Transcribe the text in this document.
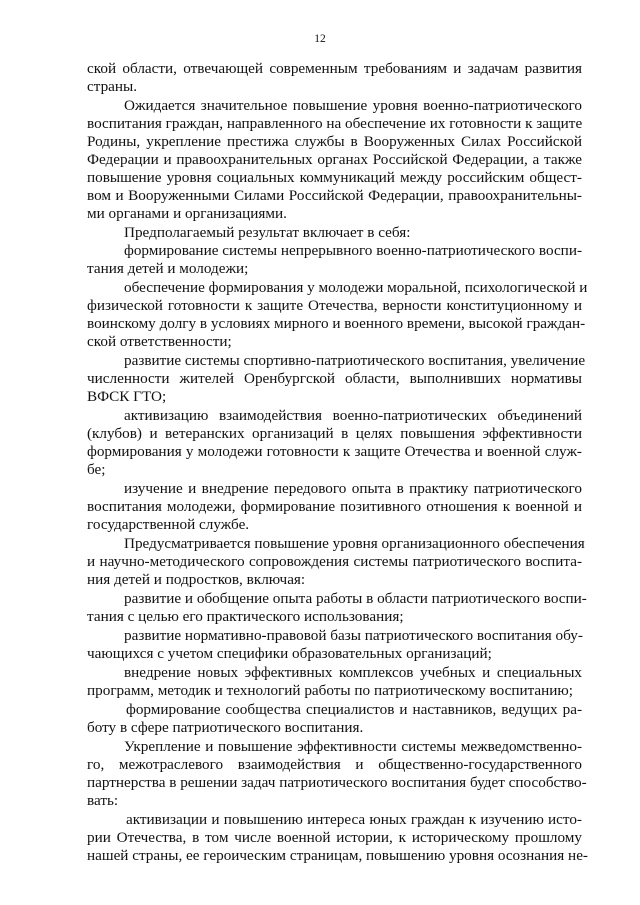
12
ской области, отвечающей современным требованиям и задачам развития
страны.
Ожидается значительное повышение уровня военно-патриотического
воспитания граждан, направленного на обеспечение их готовности к защите
Родины, укрепление престижа службы в Вооруженных Силах Российской
Федерации и правоохранительных органах Российской Федерации, а также
повышение уровня социальных коммуникаций между российским общест-
вом и Вооруженными Силами Российской Федерации, правоохранительны-
ми органами и организациями.
Предполагаемый результат включает в себя:
формирование системы непрерывного военно-патриотического воспи-
тания детей и молодежи;
обеспечение формирования у молодежи моральной, психологической и
физической готовности к защите Отечества, верности конституционному и
воинскому долгу в условиях мирного и военного времени, высокой граждан-
ской ответственности;
развитие системы спортивно-патриотического воспитания, увеличение
численности жителей Оренбургской области, выполнивших нормативы
ВФСК ГТО;
активизацию взаимодействия военно-патриотических объединений
(клубов) и ветеранских организаций в целях повышения эффективности
формирования у молодежи готовности к защите Отечества и военной служ-
бе;
изучение и внедрение передового опыта в практику патриотического
воспитания молодежи, формирование позитивного отношения к военной и
государственной службе.
Предусматривается повышение уровня организационного обеспечения
и научно-методического сопровождения системы патриотического воспита-
ния детей и подростков, включая:
развитие и обобщение опыта работы в области патриотического воспи-
тания с целью его практического использования;
развитие нормативно-правовой базы патриотического воспитания обу-
чающихся с учетом специфики образовательных организаций;
внедрение новых эффективных комплексов учебных и специальных
программ, методик и технологий работы по патриотическому воспитанию;
формирование сообщества специалистов и наставников, ведущих ра-
боту в сфере патриотического воспитания.
Укрепление и повышение эффективности системы межведомственно-
го, межотраслевого взаимодействия и общественно-государственного
партнерства в решении задач патриотического воспитания будет способство-
вать:
активизации и повышению интереса юных граждан к изучению исто-
рии Отечества, в том числе военной истории, к историческому прошлому
нашей страны, ее героическим страницам, повышению уровня осознания не-
